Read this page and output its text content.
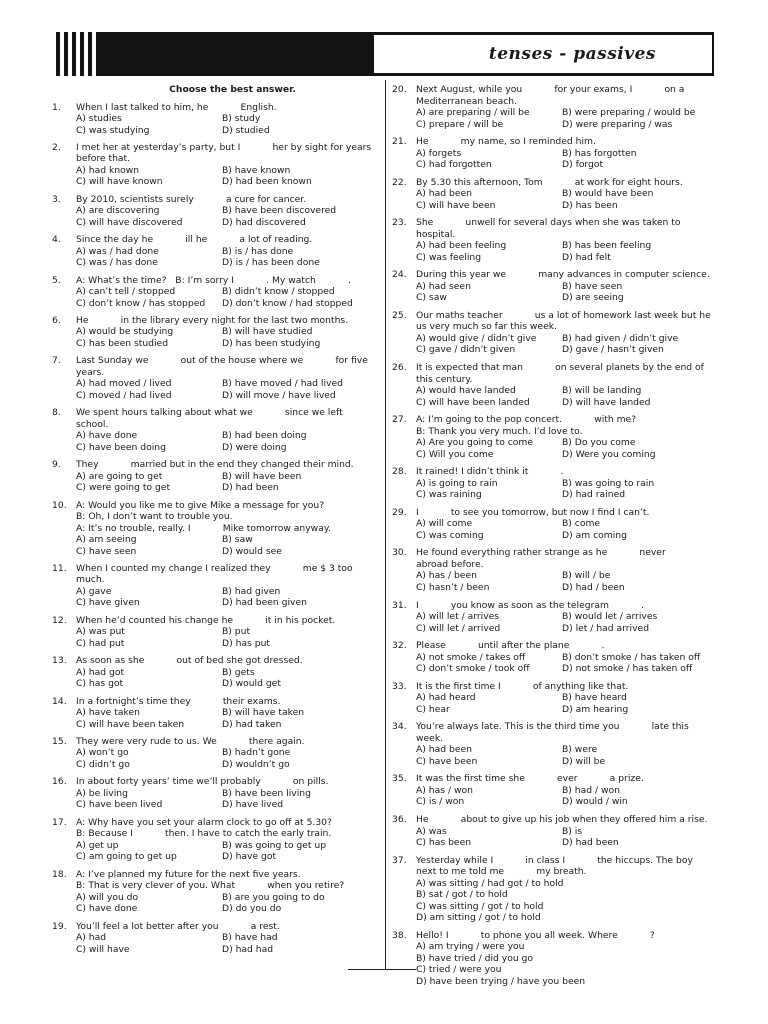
tenses - passives
Choose the best answer.
1.	When I last talked to him, he           English.
A) studies	B) study
C) was studying	D) studied
2.	I met her at yesterday’s party, but I           her by sight for years before that.
A) had known	B) have known
C) will have known	D) had been known
3.	By 2010, scientists surely           a cure for cancer.
A) are discovering	B) have been discovered
C) will have discovered	D) had discovered
4.	Since the day he           ill he           a lot of reading.
A) was / had done	B) is / has done
C) was / has done	D) is / has been done
5.	A: What’s the time?   B: I’m sorry I           . My watch           .
A) can’t tell / stopped	B) didn’t know / stopped
C) don’t know / has stopped	D) don’t know / had stopped
6.	He           in the library every night for the last two months.
A) would be studying	B) will have studied
C) has been studied	D) has been studying
7.	Last Sunday we           out of the house where we           for five years.
A) had moved / lived	B) have moved / had lived
C) moved / had lived	D) will move / have lived
8.	We spent hours talking about what we           since we left school.
A) have done	B) had been doing
C) have been doing	D) were doing
9.	They           married but in the end they changed their mind.
A) are going to get	B) will have been
C) were going to get	D) had been
10.	A: Would you like me to give Mike a message for you?
B: Oh, I don’t want to trouble you.
A: It’s no trouble, really. I           Mike tomorrow anyway.
A) am seeing	B) saw
C) have seen	D) would see
11.	When I counted my change I realized they           me $ 3 too much.
A) gave	B) had given
C) have given	D) had been given
12.	When he’d counted his change he           it in his pocket.
A) was put	B) put
C) had put	D) has put
13.	As soon as she           out of bed she got dressed.
A) had got	B) gets
C) has got	D) would get
14.	In a fortnight’s time they           their exams.
A) have taken	B) will have taken
C) will have been taken	D) had taken
15.	They were very rude to us. We           there again.
A) won’t go	B) hadn’t gone
C) didn’t go	D) wouldn’t go
16.	In about forty years’ time we’ll probably           on pills.
A) be living	B) have been living
C) have been lived	D) have lived
17.	A: Why have you set your alarm clock to go off at 5.30?
B: Because I           then. I have to catch the early train.
A) get up	B) was going to get up
C) am going to get up	D) have got
18.	A: I’ve planned my future for the next five years.
B: That is very clever of you. What           when you retire?
A) will you do	B) are you going to do
C) have done	D) do you do
19.	You’ll feel a lot better after you           a rest.
A) had	B) have had
C) will have	D) had had
20.	Next August, while you           for your exams, I           on a Mediterranean beach.
A) are preparing / will be	B) were preparing / would be
C) prepare / will be	D) were preparing / was
21.	He           my name, so I reminded him.
A) forgets	B) has forgotten
C) had forgotten	D) forgot
22.	By 5.30 this afternoon, Tom           at work for eight hours.
A) had been	B) would have been
C) will have been	D) has been
23.	She           unwell for several days when she was taken to hospital.
A) had been feeling	B) has been feeling
C) was feeling	D) had felt
24.	During this year we           many advances in computer science.
A) had seen	B) have seen
C) saw	D) are seeing
25.	Our maths teacher           us a lot of homework last week but he           us very much so far this week.
A) would give / didn’t give	B) had given / didn’t give
C) gave / didn’t given	D) gave / hasn’t given
26.	It is expected that man           on several planets by the end of this century.
A) would have landed	B) will be landing
C) will have been landed	D) will have landed
27.	A: I’m going to the pop concert.           with me?
B: Thank you very much. I’d love to.
A) Are you going to come	B) Do you come
C) Will you come	D) Were you coming
28.	It rained! I didn’t think it           .
A) is going to rain	B) was going to rain
C) was raining	D) had rained
29.	I           to see you tomorrow, but now I find I can’t.
A) will come	B) come
C) was coming	D) am coming
30.	He found everything rather strange as he           never           abroad before.
A) has / been	B) will / be
C) hasn’t / been	D) had / been
31.	I           you know as soon as the telegram           .
A) will let / arrives	B) would let / arrives
C) will let / arrived	D) let / had arrived
32.	Please           until after the plane           .
A) not smoke / takes off	B) don’t smoke / has taken off
C) don’t smoke / took off	D) not smoke / has taken off
33.	It is the first time I           of anything like that.
A) had heard	B) have heard
C) hear	D) am hearing
34.	You’re always late. This is the third time you           late this week.
A) had been	B) were
C) have been	D) will be
35.	It was the first time she           ever           a prize.
A) has / won	B) had / won
C) is / won	D) would / win
36.	He           about to give up his job when they offered him a rise.
A) was	B) is
C) has been	D) had been
37.	Yesterday while I           in class I           the hiccups. The boy next to me told me           my breath.
A) was sitting / had got / to hold
B) sat / got / to hold
C) was sitting / got / to hold
D) am sitting / got / to hold
38.	Hello! I           to phone you all week. Where           ?
A) am trying / were you
B) have tried / did you go
C) tried / were you
D) have been trying / have you been
